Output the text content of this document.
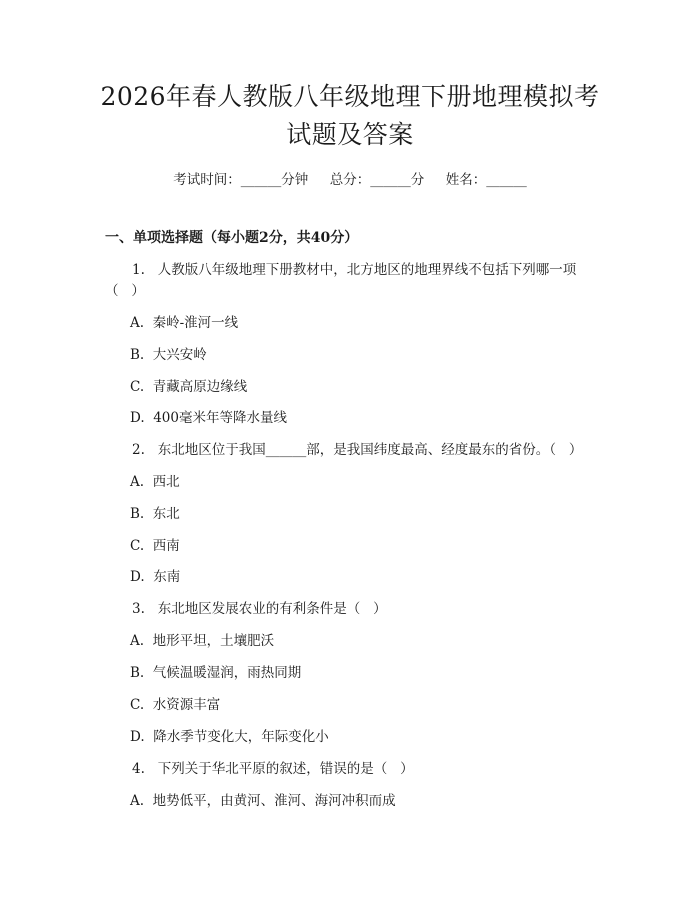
2026年春人教版八年级地理下册地理模拟考
试题及答案
考试时间：______分钟     总分：______分     姓名：______
一、单项选择题（每小题2分，共40分）
1.   人教版八年级地理下册教材中，北方地区的地理界线不包括下列哪一项
（   ）
A.  秦岭-淮河一线
B.  大兴安岭
C.  青藏高原边缘线
D.  400毫米年等降水量线
2.   东北地区位于我国______部，是我国纬度最高、经度最东的省份。（   ）
A.  西北
B.  东北
C.  西南
D.  东南
3.   东北地区发展农业的有利条件是（   ）
A.  地形平坦，土壤肥沃
B.  气候温暖湿润，雨热同期
C.  水资源丰富
D.  降水季节变化大，年际变化小
4.   下列关于华北平原的叙述，错误的是（   ）
A.  地势低平，由黄河、淮河、海河冲积而成
